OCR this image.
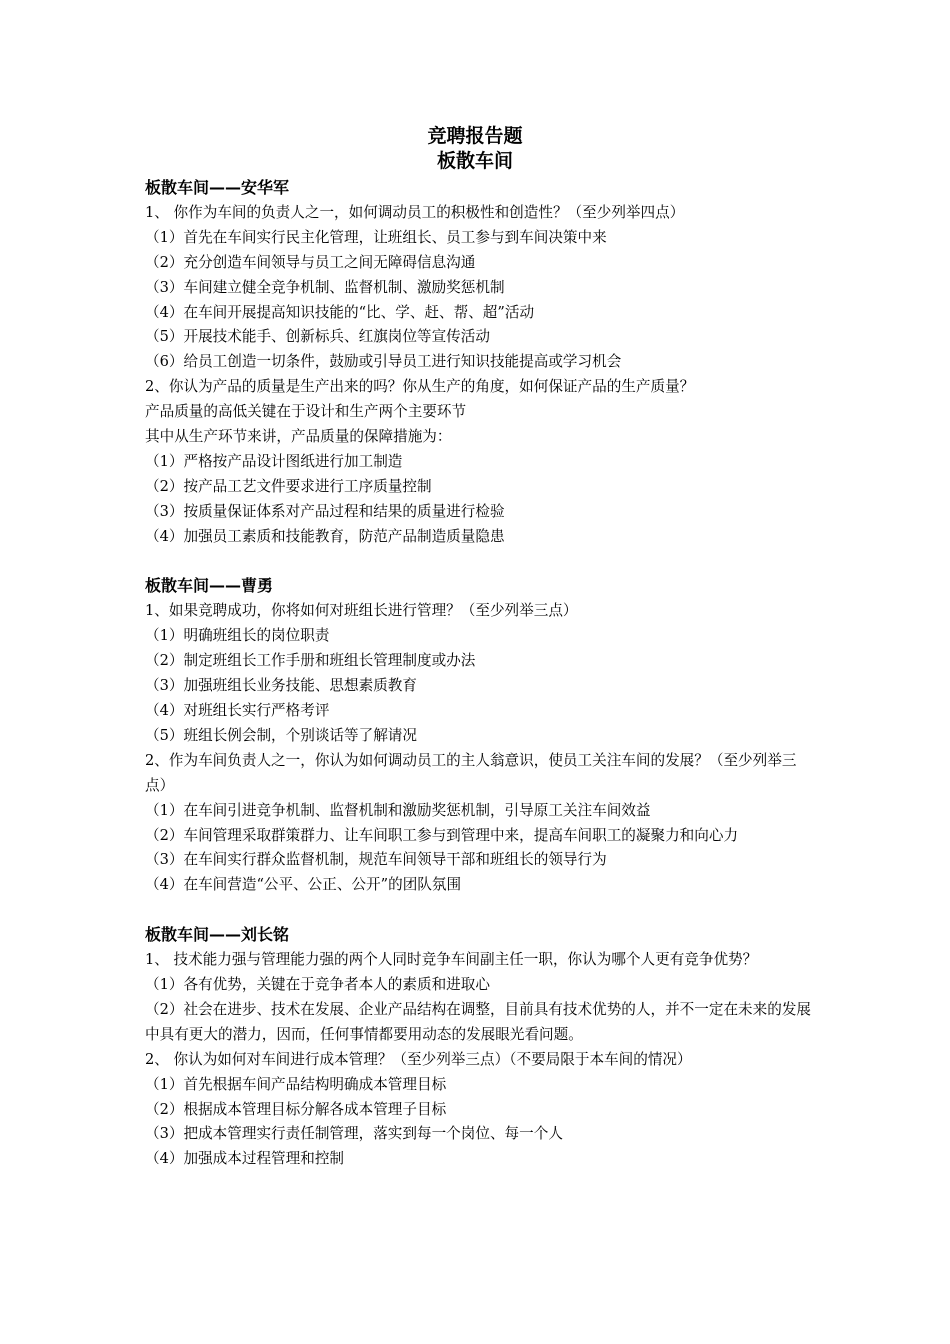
竞聘报告题
板散车间
板散车间——安华军
1、 你作为车间的负责人之一，如何调动员工的积极性和创造性？（至少列举四点）
（1）首先在车间实行民主化管理，让班组长、员工参与到车间决策中来
（2）充分创造车间领导与员工之间无障碍信息沟通
（3）车间建立健全竞争机制、监督机制、激励奖惩机制
（4）在车间开展提高知识技能的“比、学、赶、帮、超”活动
（5）开展技术能手、创新标兵、红旗岗位等宣传活动
（6）给员工创造一切条件，鼓励或引导员工进行知识技能提高或学习机会
2、你认为产品的质量是生产出来的吗？你从生产的角度，如何保证产品的生产质量？
产品质量的高低关键在于设计和生产两个主要环节
其中从生产环节来讲，产品质量的保障措施为：
（1）严格按产品设计图纸进行加工制造
（2）按产品工艺文件要求进行工序质量控制
（3）按质量保证体系对产品过程和结果的质量进行检验
（4）加强员工素质和技能教育，防范产品制造质量隐患
板散车间——曹勇
1、如果竞聘成功，你将如何对班组长进行管理？（至少列举三点）
（1）明确班组长的岗位职责
（2）制定班组长工作手册和班组长管理制度或办法
（3）加强班组长业务技能、思想素质教育
（4）对班组长实行严格考评
（5）班组长例会制，个别谈话等了解请况
2、作为车间负责人之一，你认为如何调动员工的主人翁意识，使员工关注车间的发展？（至少列举三点）
（1）在车间引进竞争机制、监督机制和激励奖惩机制，引导原工关注车间效益
（2）车间管理采取群策群力、让车间职工参与到管理中来，提高车间职工的凝聚力和向心力
（3）在车间实行群众监督机制，规范车间领导干部和班组长的领导行为
（4）在车间营造“公平、公正、公开”的团队氛围
板散车间——刘长铭
1、 技术能力强与管理能力强的两个人同时竞争车间副主任一职，你认为哪个人更有竞争优势？
（1）各有优势，关键在于竞争者本人的素质和进取心
（2）社会在进步、技术在发展、企业产品结构在调整，目前具有技术优势的人，并不一定在未来的发展中具有更大的潜力，因而，任何事情都要用动态的发展眼光看问题。
2、 你认为如何对车间进行成本管理？（至少列举三点）（不要局限于本车间的情况）
（1）首先根据车间产品结构明确成本管理目标
（2）根据成本管理目标分解各成本管理子目标
（3）把成本管理实行责任制管理，落实到每一个岗位、每一个人
（4）加强成本过程管理和控制
